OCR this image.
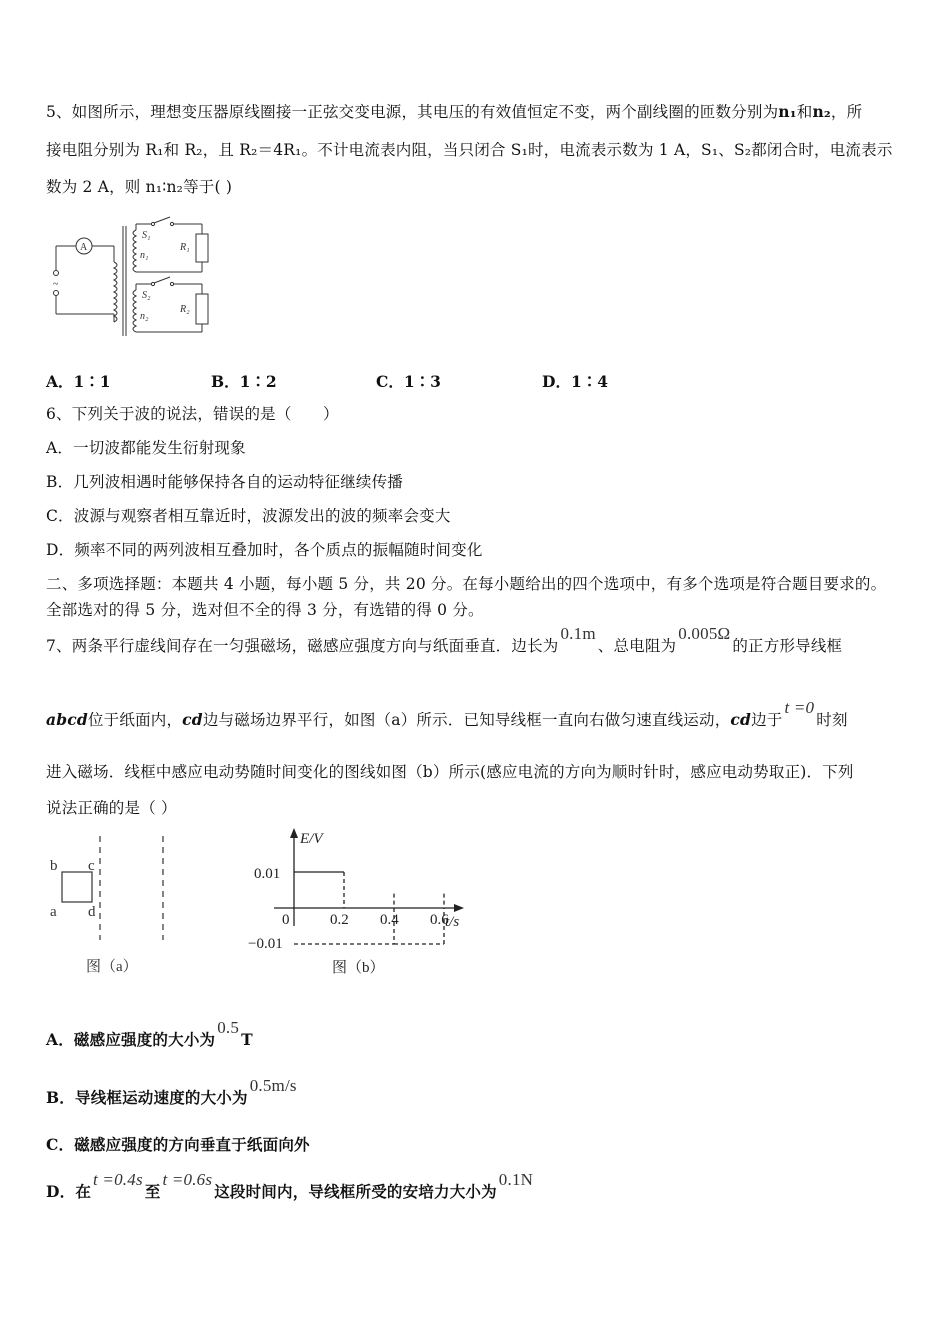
5、如图所示，理想变压器原线圈接一正弦交变电源，其电压的有效值恒定不变，两个副线圈的匝数分别为n₁和n₂，所
接电阻分别为 R₁和 R₂，且 R₂＝4R₁。不计电流表内阻，当只闭合 S₁时，电流表示数为 1 A，S₁、S₂都闭合时，电流表示
数为 2 A，则 n₁∶n₂等于( )
A
~
S₁
S₂
n₁
n₂
R₁
R₂
A．1∶1	B．1∶2	C．1∶3	D．1∶4
6、下列关于波的说法，错误的是（　　）
A．一切波都能发生衍射现象
B．几列波相遇时能够保持各自的运动特征继续传播
C．波源与观察者相互靠近时，波源发出的波的频率会变大
D．频率不同的两列波相互叠加时，各个质点的振幅随时间变化
二、多项选择题：本题共 4 小题，每小题 5 分，共 20 分。在每小题给出的四个选项中，有多个选项是符合题目要求的。
全部选对的得 5 分，选对但不全的得 3 分，有选错的得 0 分。
7、两条平行虚线间存在一匀强磁场，磁感应强度方向与纸面垂直．边长为0.1m、总电阻为0.005Ω的正方形导线框
abcd位于纸面内，cd边与磁场边界平行，如图（a）所示．已知导线框一直向右做匀速直线运动，cd边于t =0时刻
进入磁场．线框中感应电动势随时间变化的图线如图（b）所示(感应电流的方向为顺时针时，感应电动势取正)．下列
说法正确的是（ ）
b c
a d
图（a）
E/V
t/s
0
0.01
−0.01
0.2 0.4 0.6
图（b）
A．磁感应强度的大小为0.5T
B．导线框运动速度的大小为0.5m/s
C．磁感应强度的方向垂直于纸面向外
D．在t =0.4s至t =0.6s这段时间内，导线框所受的安培力大小为0.1N
